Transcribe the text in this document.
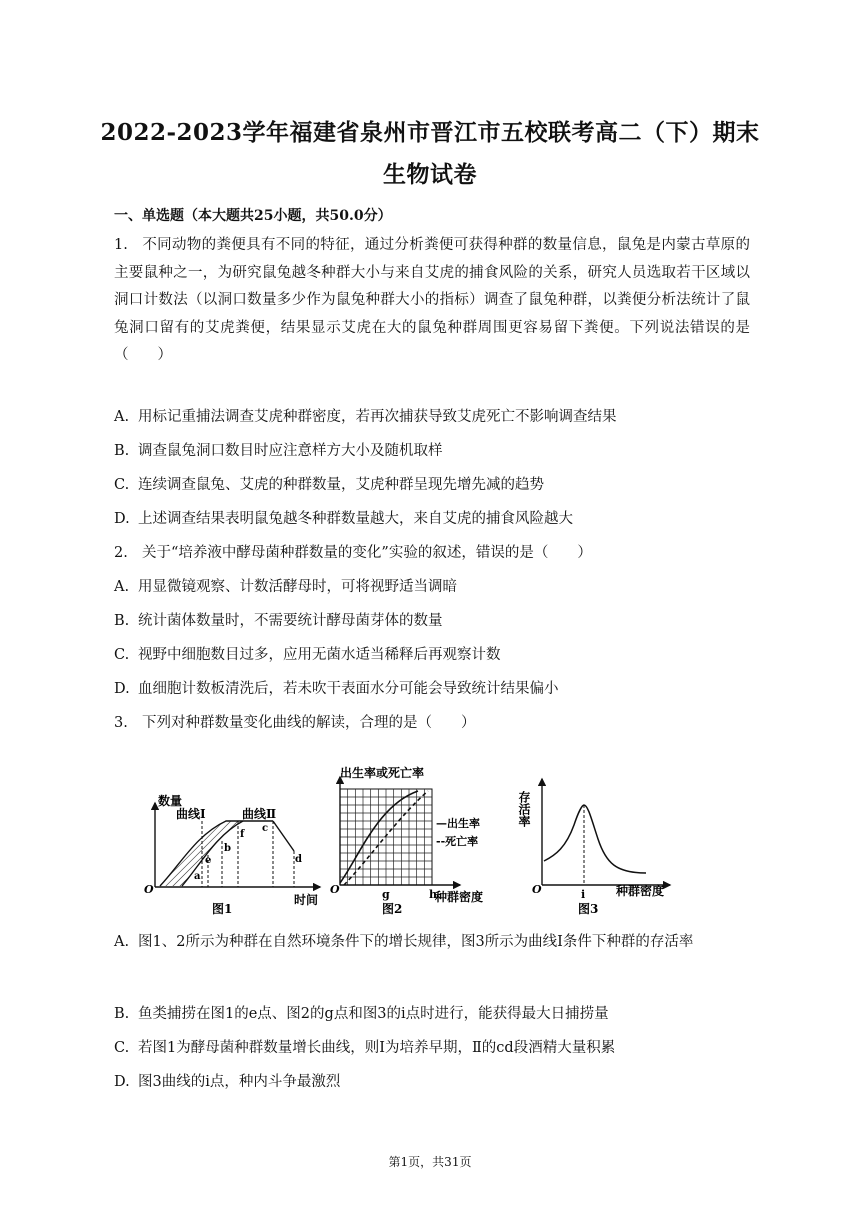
2022-2023学年福建省泉州市晋江市五校联考高二（下）期末生物试卷
一、单选题（本大题共25小题，共50.0分）
1. 不同动物的粪便具有不同的特征，通过分析粪便可获得种群的数量信息，鼠兔是内蒙古草原的主要鼠种之一，为研究鼠兔越冬种群大小与来自艾虎的捕食风险的关系，研究人员选取若干区域以洞口计数法（以洞口数量多少作为鼠兔种群大小的指标）调查了鼠兔种群，以粪便分析法统计了鼠兔洞口留有的艾虎粪便，结果显示艾虎在大的鼠兔种群周围更容易留下粪便。下列说法错误的是（　　）
A. 用标记重捕法调查艾虎种群密度，若再次捕获导致艾虎死亡不影响调查结果
B. 调查鼠兔洞口数目时应注意样方大小及随机取样
C. 连续调查鼠兔、艾虎的种群数量，艾虎种群呈现先增先减的趋势
D. 上述调查结果表明鼠兔越冬种群数量越大，来自艾虎的捕食风险越大
2. 关于“培养液中酵母菌种群数量的变化”实验的叙述，错误的是（　　）
A. 用显微镜观察、计数活酵母时，可将视野适当调暗
B. 统计菌体数量时，不需要统计酵母菌芽体的数量
C. 视野中细胞数目过多，应用无菌水适当稀释后再观察计数
D. 血细胞计数板清洗后，若未吹干表面水分可能会导致统计结果偏小
3. 下列对种群数量变化曲线的解读，合理的是（　　）
数量
曲线Ⅰ	曲线Ⅱ
a
b
c
d
e
f
O
时间
图1
出生率或死亡率
—出生率
--死亡率
O	g	h
种群密度
图2
存活率
O	i	种群密度
图3
A. 图1、2所示为种群在自然环境条件下的增长规律，图3所示为曲线Ⅰ条件下种群的存活率
B. 鱼类捕捞在图1的e点、图2的g点和图3的i点时进行，能获得最大日捕捞量
C. 若图1为酵母菌种群数量增长曲线，则Ⅰ为培养早期，Ⅱ的cd段酒精大量积累
D. 图3曲线的i点，种内斗争最激烈
第1页，共31页
